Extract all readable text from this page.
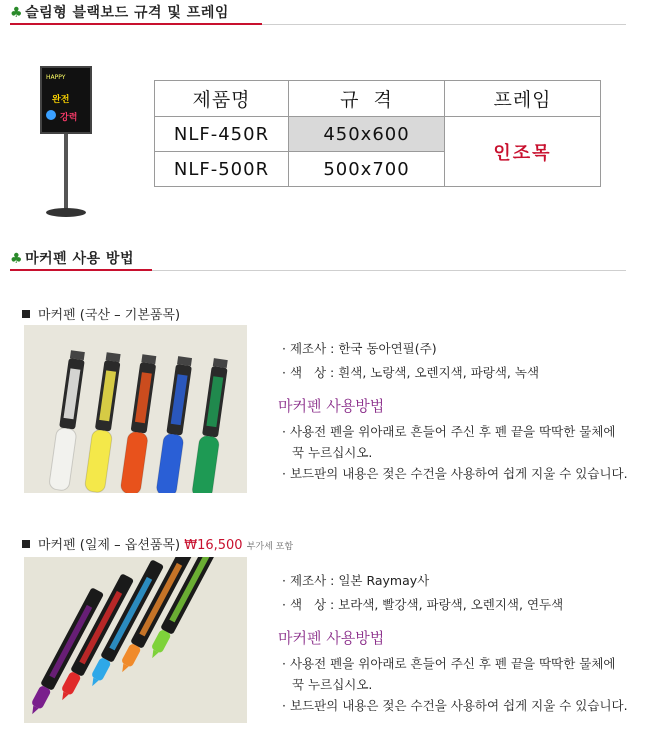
♣ 슬림형 블랙보드 규격 및 프레임
HAPPY
완전
강력
제품명	규  격	프레임
NLF-450R	450x600	인조목
NLF-500R	500x700	
♣ 마커펜 사용 방법
마커펜 (국산 – 기본품목)
· 제조사 : 한국 동아연필(주)
· 색   상 : 흰색, 노랑색, 오렌지색, 파랑색, 녹색
마커펜 사용방법
· 사용전 펜을 위아래로 흔들어 주신 후 펜 끝을 딱딱한 물체에
꾹 누르십시오.
· 보드판의 내용은 젖은 수건을 사용하여 쉽게 지울 수 있습니다.
마커펜 (일제 – 옵션품목) ₩16,500 부가세 포함
· 제조사 : 일본 Raymay사
· 색   상 : 보라색, 빨강색, 파랑색, 오렌지색, 연두색
마커펜 사용방법
· 사용전 펜을 위아래로 흔들어 주신 후 펜 끝을 딱딱한 물체에
꾹 누르십시오.
· 보드판의 내용은 젖은 수건을 사용하여 쉽게 지울 수 있습니다.
